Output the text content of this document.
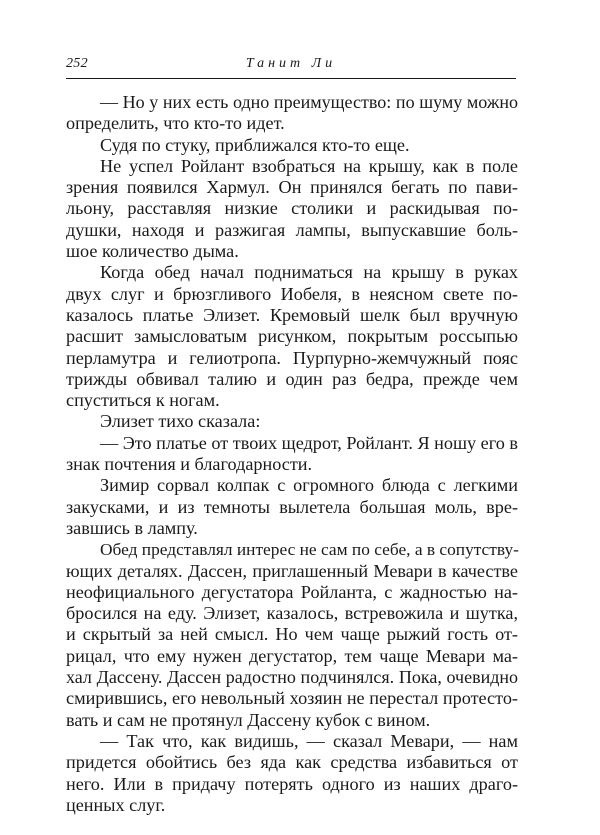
252	Танит Ли
— Но у них есть одно преимущество: по шуму можно
определить, что кто-то идет.
Судя по стуку, приближался кто-то еще.
Не успел Ройлант взобраться на крышу, как в поле
зрения появился Хармул. Он принялся бегать по пави-
льону, расставляя низкие столики и раскидывая по-
душки, находя и разжигая лампы, выпускавшие боль-
шое количество дыма.
Когда обед начал подниматься на крышу в руках
двух слуг и брюзгливого Иобеля, в неясном свете по-
казалось платье Элизет. Кремовый шелк был вручную
расшит замысловатым рисунком, покрытым россыпью
перламутра и гелиотропа. Пурпурно-жемчужный пояс
трижды обвивал талию и один раз бедра, прежде чем
спуститься к ногам.
Элизет тихо сказала:
— Это платье от твоих щедрот, Ройлант. Я ношу его в
знак почтения и благодарности.
Зимир сорвал колпак с огромного блюда с легкими
закусками, и из темноты вылетела большая моль, вре-
завшись в лампу.
Обед представлял интерес не сам по себе, а в сопутству-
ющих деталях. Дассен, приглашенный Мевари в качестве
неофициального дегустатора Ройланта, с жадностью на-
бросился на еду. Элизет, казалось, встревожила и шутка,
и скрытый за ней смысл. Но чем чаще рыжий гость от-
рицал, что ему нужен дегустатор, тем чаще Мевари ма-
хал Дассену. Дассен радостно подчинялся. Пока, очевидно
смирившись, его невольный хозяин не перестал протесто-
вать и сам не протянул Дассену кубок с вином.
— Так что, как видишь, — сказал Мевари, — нам
придется обойтись без яда как средства избавиться от
него. Или в придачу потерять одного из наших драго-
ценных слуг.
